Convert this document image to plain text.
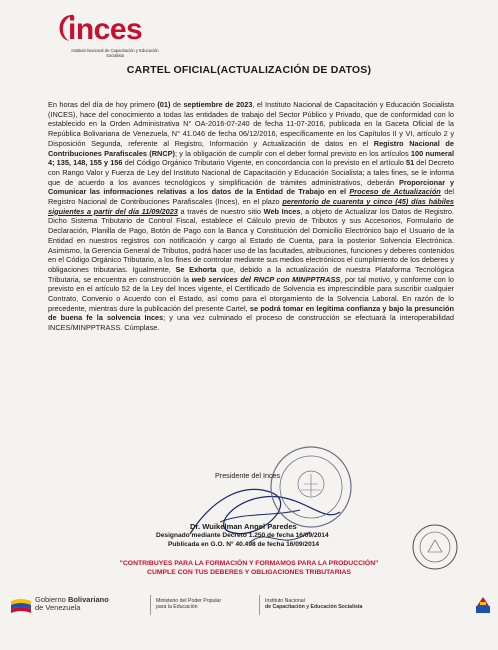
inces
Instituto Nacional de Capacitación y Educación Socialista
CARTEL OFICIAL(ACTUALIZACIÓN DE DATOS)
En horas del día de hoy primero (01) de septiembre de 2023, el Instituto Nacional de Capacitación y Educación Socialista (INCES), hace del conocimiento a todas las entidades de trabajo del Sector Público y Privado, que de conformidad con lo establecido en la Orden Administrativa N° OA-2016-07-240 de fecha 11-07-2016, publicada en la Gaceta Oficial de la República Bolivariana de Venezuela, N° 41.046 de fecha 06/12/2016, específicamente en los Capítulos II y VI, artículo 2 y Disposición Segunda, referente al Registro, Información y Actualización de datos en el Registro Nacional de Contribuciones Parafiscales (RNCP); y la obligación de cumplir con el deber formal previsto en los artículos 100 numeral 4; 135, 148, 155 y 156 del Código Orgánico Tributario Vigente, en concordancia con lo previsto en el artículo 51 del Decreto con Rango Valor y Fuerza de Ley del Instituto Nacional de Capacitación y Educación Socialista; a tales fines, se le informa que de acuerdo a los avances tecnológicos y simplificación de trámites administrativos, deberán Proporcionar y Comunicar las informaciones relativas a los datos de la Entidad de Trabajo en el Proceso de Actualización del Registro Nacional de Contribuciones Parafiscales (Inces), en el plazo perentorio de cuarenta y cinco (45) días hábiles siguientes a partir del día 11/09/2023 a través de nuestro sitio Web Inces, a objeto de Actualizar los Datos de Registro. Dicho Sistema Tributario de Control Fiscal, establece el Cálculo previo de Tributos y sus Accesorios, Formulario de Declaración, Planilla de Pago, Botón de Pago con la Banca y Constitución del Domicilio Electrónico bajo el Usuario de la Entidad en nuestros registros con notificación y cargo al Estado de Cuenta, para la posterior Solvencia Electrónica. Asimismo, la Gerencia General de Tributos, podrá hacer uso de las facultades, atribuciones, funciones y deberes contenidos en el Código Orgánico Tributario, a los fines de controlar mediante sus medios electrónicos el cumplimiento de los deberes y obligaciones tributarias. Igualmente, Se Exhorta que, debido a la actualización de nuestra Plataforma Tecnológica Tributaria, se encuentra en construcción la web services del RNCP con MINPPTRASS, por tal motivo, y conforme con lo previsto en el artículo 52 de la Ley del Inces vigente, el Certificado de Solvencia es imprescindible para suscribir cualquier Contrato, Convenio o Acuerdo con el Estado, así como para el otorgamiento de la Solvencia Laboral. En razón de lo precedente, mientras dure la publicación del presente Cartel, se podrá tomar en legítima confianza y bajo la presunción de buena fe la solvencia Inces; y una vez culminado el proceso de construcción se efectuará la interoperabilidad INCES/MINPPTRASS. Cúmplase.
Presidente del Inces
Dr. Wuikelman Angel Paredes
Designado mediante Decreto 1.250 de fecha 16/09/2014
Publicada en G.O. N° 40.498 de fecha 16/09/2014
"CONTRIBUYES PARA LA FORMACIÓN Y FORMAMOS PARA LA PRODUCCIÓN"
CUMPLE CON TUS DEBERES Y OBLIGACIONES TRIBUTARIAS
Gobierno Bolivariano
de Venezuela
Ministerio del Poder Popular
para la Educación
Instituto Nacional
de Capacitación y Educación Socialista
